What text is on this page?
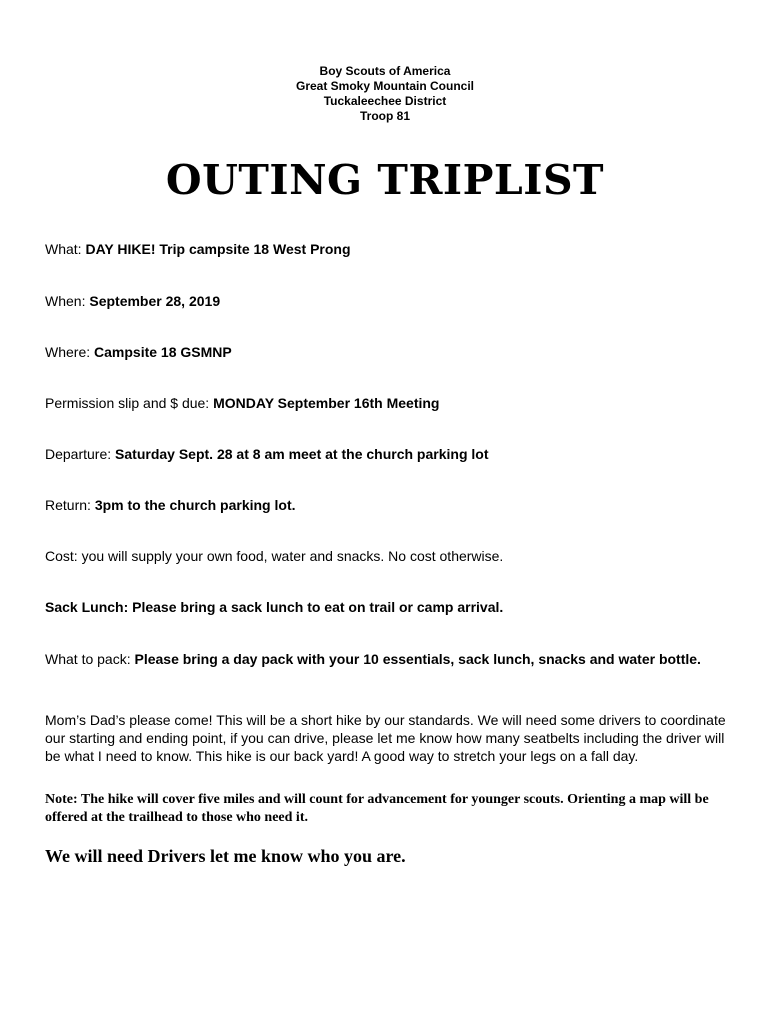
Boy Scouts of America
Great Smoky Mountain Council
Tuckaleechee District
Troop 81
OUTING TRIPLIST
What: DAY HIKE! Trip campsite 18 West Prong
When: September 28, 2019
Where: Campsite 18 GSMNP
Permission slip and $ due: MONDAY September 16th Meeting
Departure: Saturday Sept. 28 at 8 am meet at the church parking lot
Return: 3pm to the church parking lot.
Cost: you will supply your own food, water and snacks. No cost otherwise.
Sack Lunch: Please bring a sack lunch to eat on trail or camp arrival.
What to pack: Please bring a day pack with your 10 essentials, sack lunch, snacks and water bottle.
Mom’s Dad’s please come! This will be a short hike by our standards. We will need some drivers to coordinate our starting and ending point, if you can drive, please let me know how many seatbelts including the driver will be what I need to know. This hike is our back yard! A good way to stretch your legs on a fall day.
Note: The hike will cover five miles and will count for advancement for younger scouts. Orienting a map will be offered at the trailhead to those who need it.
We will need Drivers let me know who you are.
